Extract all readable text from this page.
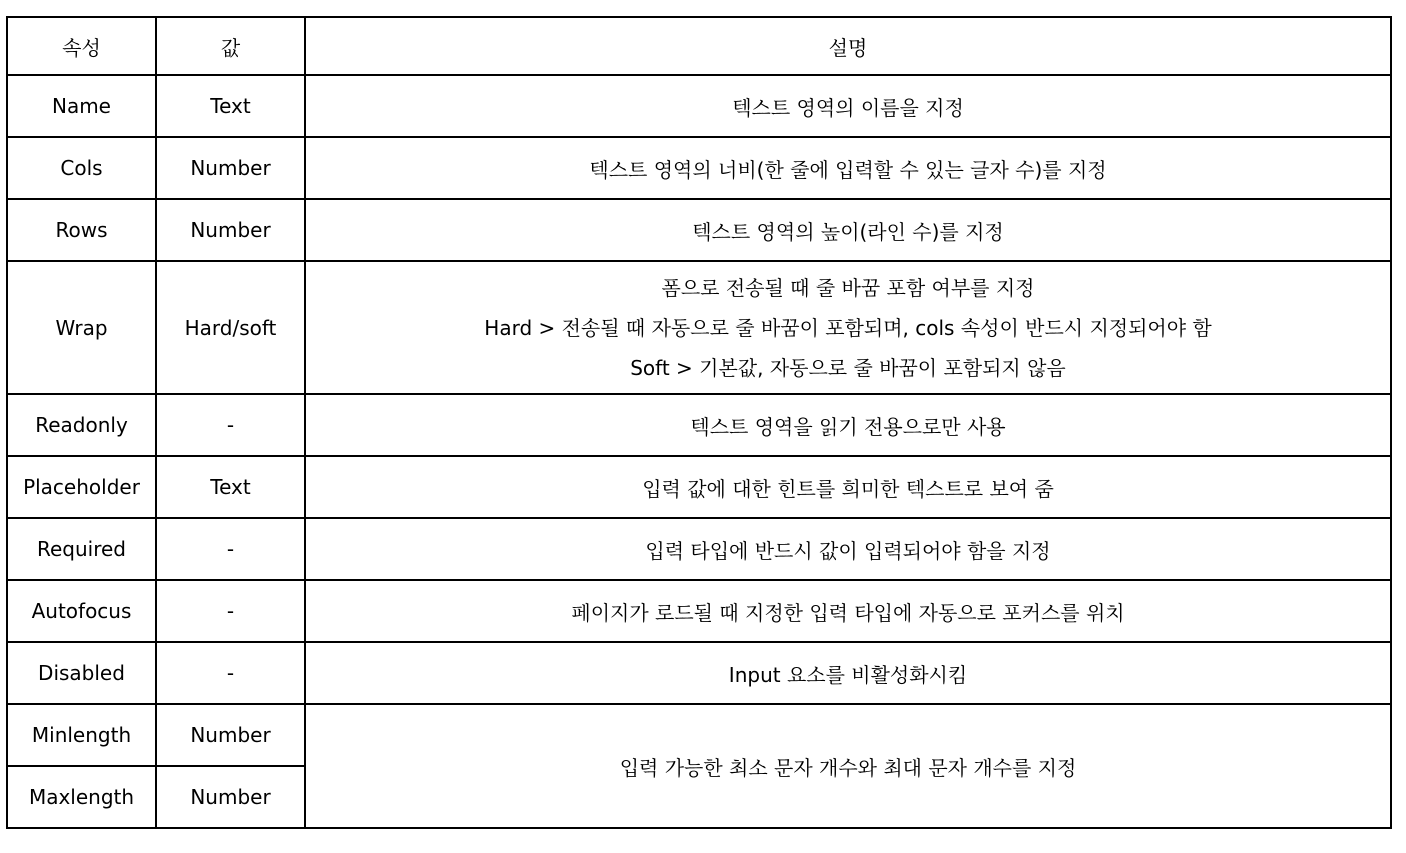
속성	값	설명
Name	Text	텍스트 영역의 이름을 지정
Cols	Number	텍스트 영역의 너비(한 줄에 입력할 수 있는 글자 수)를 지정
Rows	Number	텍스트 영역의 높이(라인 수)를 지정
Wrap	Hard/soft	폼으로 전송될 때 줄 바꿈 포함 여부를 지정
Hard > 전송될 때 자동으로 줄 바꿈이 포함되며, cols 속성이 반드시 지정되어야 함
Soft > 기본값, 자동으로 줄 바꿈이 포함되지 않음

Readonly	-	텍스트 영역을 읽기 전용으로만 사용
Placeholder	Text	입력 값에 대한 힌트를 희미한 텍스트로 보여 줌
Required	-	입력 타입에 반드시 값이 입력되어야 함을 지정
Autofocus	-	페이지가 로드될 때 지정한 입력 타입에 자동으로 포커스를 위치
Disabled	-	Input 요소를 비활성화시킴
Minlength	Number	입력 가능한 최소 문자 개수와 최대 문자 개수를 지정
Maxlength	Number	
